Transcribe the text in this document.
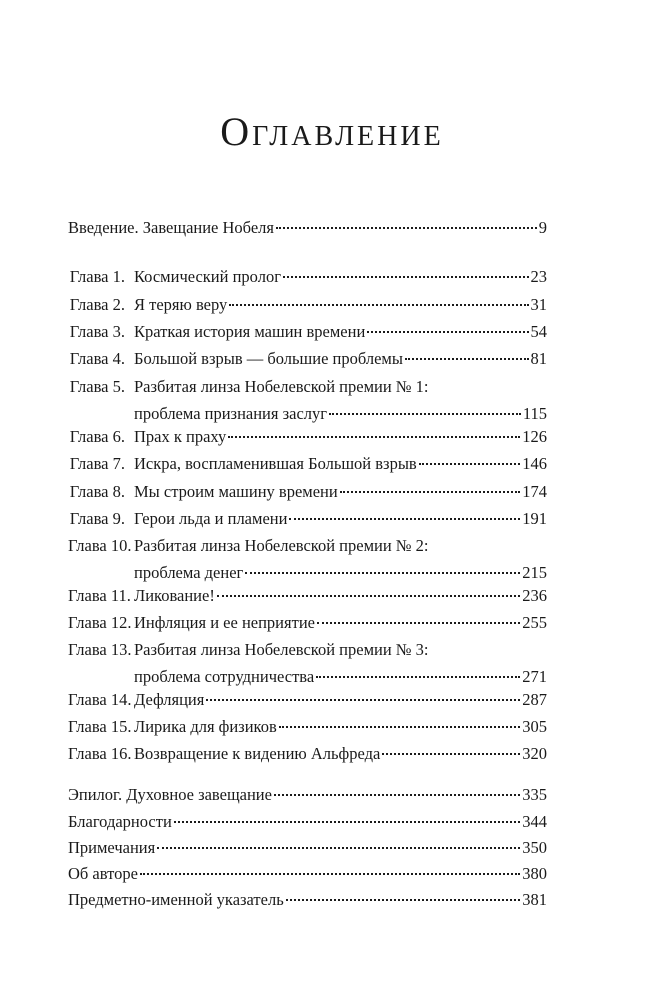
Оглавление
Введение. Завещание Нобеля	9
Глава 1. Космический пролог	23
Глава 2. Я теряю веру	31
Глава 3. Краткая история машин времени	54
Глава 4. Большой взрыв — большие проблемы	81
Глава 5. Разбитая линза Нобелевской премии № 1:
проблема признания заслуг	115
Глава 6. Прах к праху	126
Глава 7. Искра, воспламенившая Большой взрыв	146
Глава 8. Мы строим машину времени	174
Глава 9. Герои льда и пламени	191
Глава 10. Разбитая линза Нобелевской премии № 2:
проблема денег	215
Глава 11. Ликование!	236
Глава 12. Инфляция и ее неприятие	255
Глава 13. Разбитая линза Нобелевской премии № 3:
проблема сотрудничества	271
Глава 14. Дефляция	287
Глава 15. Лирика для физиков	305
Глава 16. Возвращение к видению Альфреда	320
Эпилог. Духовное завещание	335
Благодарности	344
Примечания	350
Об авторе	380
Предметно-именной указатель	381
